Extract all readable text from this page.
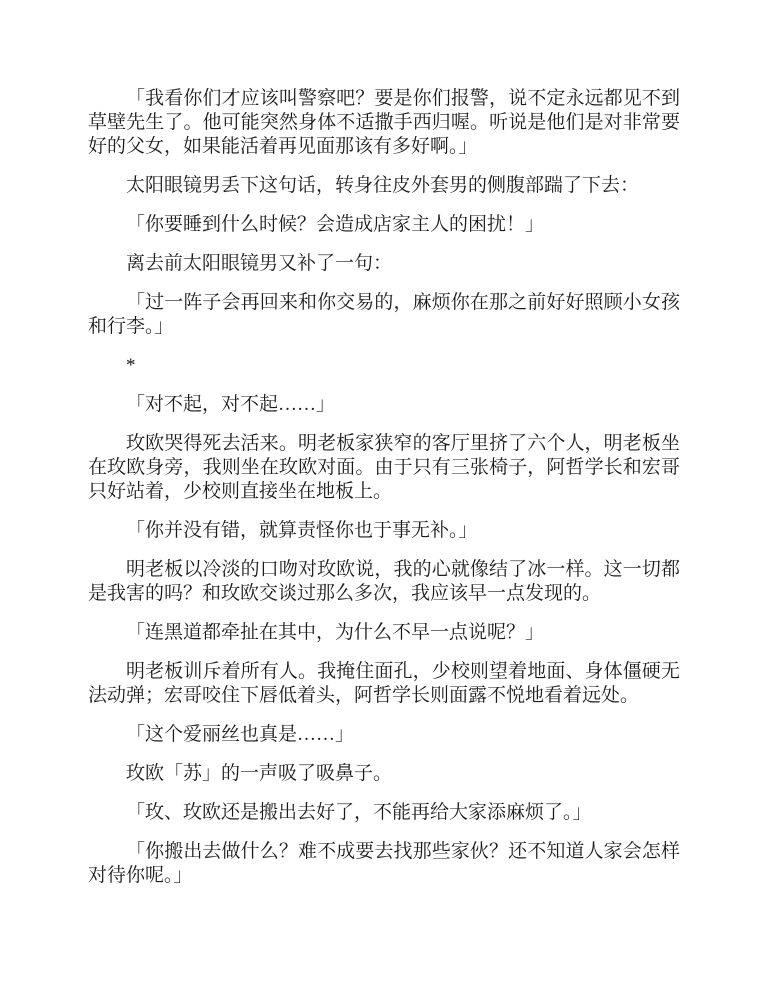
「我看你们才应该叫警察吧？要是你们报警，说不定永远都见不到草壁先生了。他可能突然身体不适撒手西归喔。听说是他们是对非常要好的父女，如果能活着再见面那该有多好啊。」

太阳眼镜男丢下这句话，转身往皮外套男的侧腹部踹了下去：

「你要睡到什么时候？会造成店家主人的困扰！」

离去前太阳眼镜男又补了一句：

「过一阵子会再回来和你交易的，麻烦你在那之前好好照顾小女孩和行李。」

*

「对不起，对不起……」

玫欧哭得死去活来。明老板家狭窄的客厅里挤了六个人，明老板坐在玫欧身旁，我则坐在玫欧对面。由于只有三张椅子，阿哲学长和宏哥只好站着，少校则直接坐在地板上。

「你并没有错，就算责怪你也于事无补。」

明老板以冷淡的口吻对玫欧说，我的心就像结了冰一样。这一切都是我害的吗？和玫欧交谈过那么多次，我应该早一点发现的。

「连黑道都牵扯在其中，为什么不早一点说呢？」

明老板训斥着所有人。我掩住面孔，少校则望着地面、身体僵硬无法动弹；宏哥咬住下唇低着头，阿哲学长则面露不悦地看着远处。

「这个爱丽丝也真是……」

玫欧「苏」的一声吸了吸鼻子。

「玫、玫欧还是搬出去好了，不能再给大家添麻烦了。」

「你搬出去做什么？难不成要去找那些家伙？还不知道人家会怎样对待你呢。」
